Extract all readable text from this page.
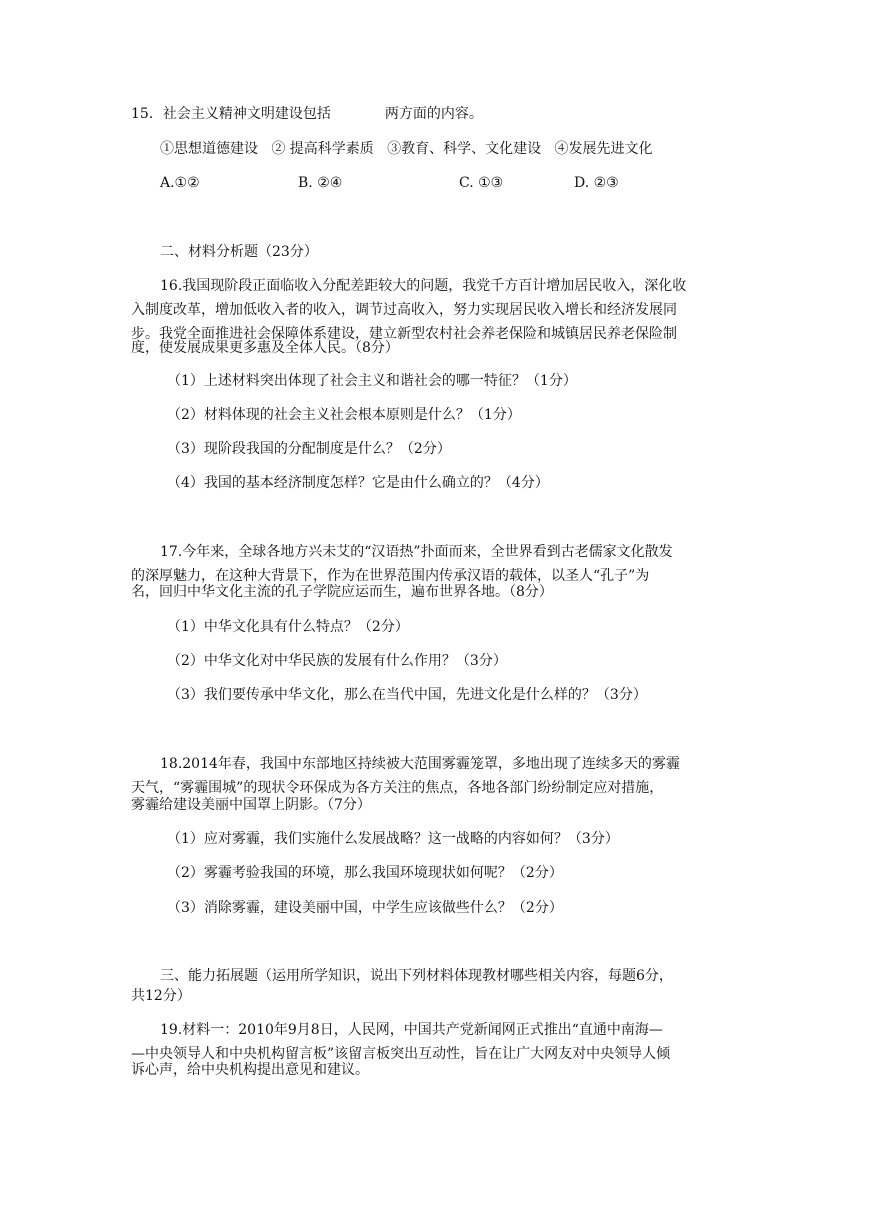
15．社会主义精神文明建设包括	两方面的内容。
①思想道德建设   ② 提高科学素质   ③教育、科学、文化建设   ④发展先进文化
A.①②	B. ②④	C. ①③	D. ②③
二、材料分析题（23分）
16.我国现阶段正面临收入分配差距较大的问题，我党千方百计增加居民收入，深化收
入制度改革，增加低收入者的收入，调节过高收入，努力实现居民收入增长和经济发展同
步。我党全面推进社会保障体系建设，建立新型农村社会养老保险和城镇居民养老保险制
度，使发展成果更多惠及全体人民。（8分）
（1）上述材料突出体现了社会主义和谐社会的哪一特征？（1分）
（2）材料体现的社会主义社会根本原则是什么？（1分）
（3）现阶段我国的分配制度是什么？（2分）
（4）我国的基本经济制度怎样？它是由什么确立的？（4分）
17.今年来，全球各地方兴未艾的“汉语热”扑面而来，全世界看到古老儒家文化散发
的深厚魅力，在这种大背景下，作为在世界范围内传承汉语的载体，以圣人“孔子”为
名，回归中华文化主流的孔子学院应运而生，遍布世界各地。（8分）
（1）中华文化具有什么特点？（2分）
（2）中华文化对中华民族的发展有什么作用？（3分）
（3）我们要传承中华文化，那么在当代中国，先进文化是什么样的？（3分）
18.2014年春，我国中东部地区持续被大范围雾霾笼罩，多地出现了连续多天的雾霾
天气，“雾霾围城”的现状令环保成为各方关注的焦点，各地各部门纷纷制定应对措施，
雾霾给建设美丽中国罩上阴影。（7分）
（1）应对雾霾，我们实施什么发展战略？这一战略的内容如何？（3分）
（2）雾霾考验我国的环境，那么我国环境现状如何呢？（2分）
（3）消除雾霾，建设美丽中国，中学生应该做些什么？（2分）
三、能力拓展题（运用所学知识，说出下列材料体现教材哪些相关内容，每题6分，
共12分）
19.材料一：2010年9月8日，人民网，中国共产党新闻网正式推出“直通中南海—
—中央领导人和中央机构留言板”该留言板突出互动性，旨在让广大网友对中央领导人倾
诉心声，给中央机构提出意见和建议。
